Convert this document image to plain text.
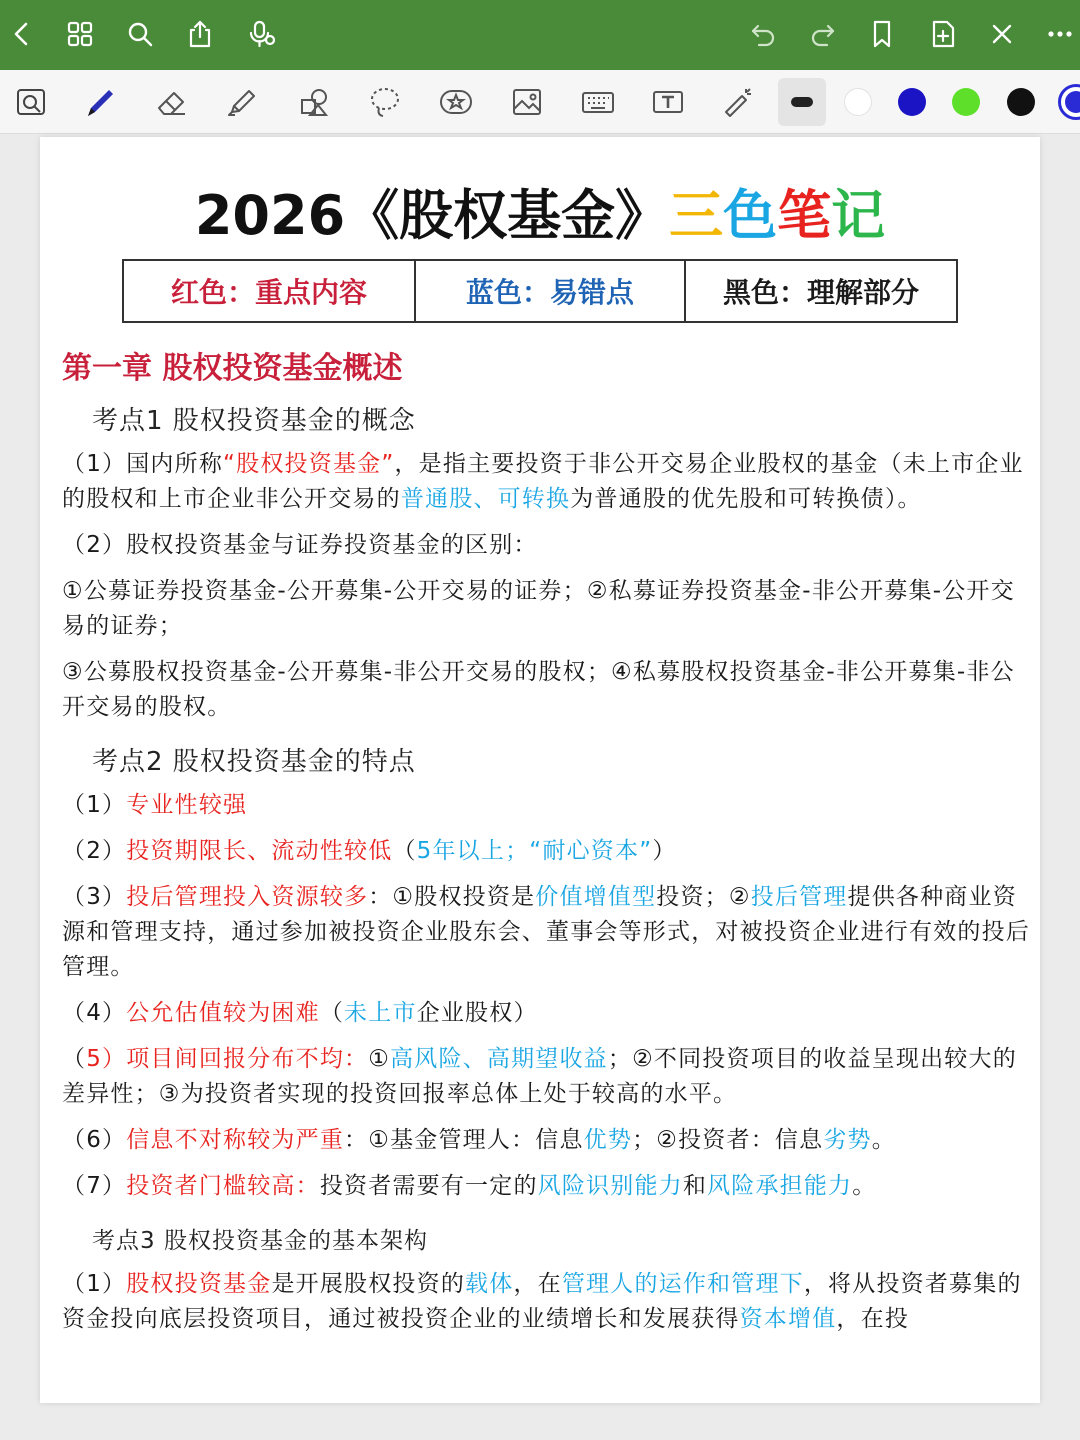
2026《股权基金》三色笔记
红色： 重点内容	蓝色： 易错点	黑色： 理解部分
第一章 股权投资基金概述
考点1 股权投资基金的概念
（1）国内所称“股权投资基金”，是指主要投资于非公开交易企业股权的基金（未上市企业的股权和上市企业非公开交易的普通股、可转换为普通股的优先股和可转换债）。
（2）股权投资基金与证券投资基金的区别：
①公募证券投资基金-公开募集-公开交易的证券；②私募证券投资基金-非公开募集-公开交易的证券；
③公募股权投资基金-公开募集-非公开交易的股权；④私募股权投资基金-非公开募集-非公开交易的股权。
考点2 股权投资基金的特点
（1）专业性较强
（2）投资期限长、流动性较低（5年以上；“耐心资本”）
（3）投后管理投入资源较多：①股权投资是价值增值型投资；②投后管理提供各种商业资源和管理支持，通过参加被投资企业股东会、董事会等形式，对被投资企业进行有效的投后管理。
（4）公允估值较为困难（未上市企业股权）
（5）项目间回报分布不均：①高风险、高期望收益；②不同投资项目的收益呈现出较大的差异性；③为投资者实现的投资回报率总体上处于较高的水平。
（6）信息不对称较为严重：①基金管理人：信息优势；②投资者：信息劣势。
（7）投资者门槛较高：投资者需要有一定的风险识别能力和风险承担能力。
考点3 股权投资基金的基本架构
（1）股权投资基金是开展股权投资的载体，在管理人的运作和管理下，将从投资者募集的资金投向底层投资项目，通过被投资企业的业绩增长和发展获得资本增值，在投
